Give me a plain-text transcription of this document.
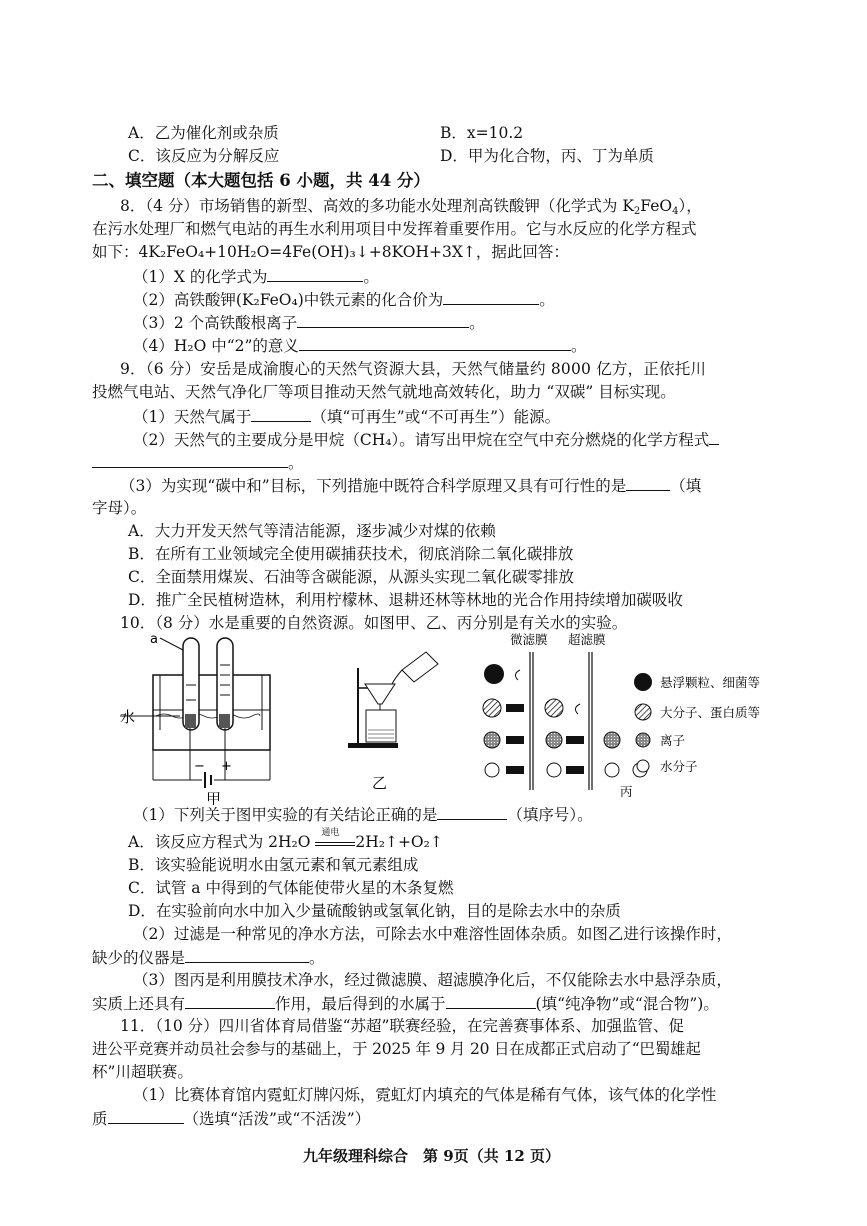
A．乙为催化剂或杂质	B．x=10.2
C．该反应为分解反应	D．甲为化合物，丙、丁为单质
二、填空题（本大题包括 6 小题，共 44 分）
8．（4 分）市场销售的新型、高效的多功能水处理剂高铁酸钾（化学式为 $K_2FeO_4$），
在污水处理厂和燃气电站的再生水利用项目中发挥着重要作用。它与水反应的化学方程式
如下：4K₂FeO₄+10H₂O=4Fe(OH)₃↓+8KOH+3X↑，据此回答：
（1）X 的化学式为	。
（2）高铁酸钾(K₂FeO₄)中铁元素的化合价为	。
（3）2 个高铁酸根离子	。
（4）H₂O 中“2”的意义	。
9．（6 分）安岳是成渝腹心的天然气资源大县，天然气储量约 8000 亿方，正依托川
投燃气电站、天然气净化厂等项目推动天然气就地高效转化，助力 “双碳” 目标实现。
（1）天然气属于	（填“可再生”或“不可再生”）能源。
（2）天然气的主要成分是甲烷（CH₄）。请写出甲烷在空气中充分燃烧的化学方程式
。
（3）为实现“碳中和”目标，下列措施中既符合科学原理又具有可行性的是	（填
字母）。
A．大力开发天然气等清洁能源，逐步减少对煤的依赖
B．在所有工业领域完全使用碳捕获技术，彻底消除二氧化碳排放
C．全面禁用煤炭、石油等含碳能源，从源头实现二氧化碳零排放
D．推广全民植树造林，利用柠檬林、退耕还林等林地的光合作用持续增加碳吸收
10．（8 分）水是重要的自然资源。如图甲、乙、丙分别是有关水的实验。
a
水
− +
甲
乙
微滤膜 超滤膜
悬浮颗粒、细菌等
大分子、蛋白质等
离子
水分子
丙
（1）下列关于图甲实验的有关结论正确的是	（填序号）。
A．该反应方程式为 2H₂O 通电 2H₂↑+O₂↑
B．该实验能说明水由氢元素和氧元素组成
C．试管 a 中得到的气体能使带火星的木条复燃
D．在实验前向水中加入少量硫酸钠或氢氧化钠，目的是除去水中的杂质
（2）过滤是一种常见的净水方法，可除去水中难溶性固体杂质。如图乙进行该操作时，
缺少的仪器是	。
（3）图丙是利用膜技术净水，经过微滤膜、超滤膜净化后，不仅能除去水中悬浮杂质，
实质上还具有	作用，最后得到的水属于	(填“纯净物”或“混合物”)。
11．（10 分）四川省体育局借鉴“苏超”联赛经验，在完善赛事体系、加强监管、促
进公平竞赛并动员社会参与的基础上，于 2025 年 9 月 20 日在成都正式启动了“巴蜀雄起
杯”川超联赛。
（1）比赛体育馆内霓虹灯牌闪烁，霓虹灯内填充的气体是稀有气体，该气体的化学性
质	（选填“活泼”或“不活泼”）
九年级理科综合　第 9页（共 12 页）
